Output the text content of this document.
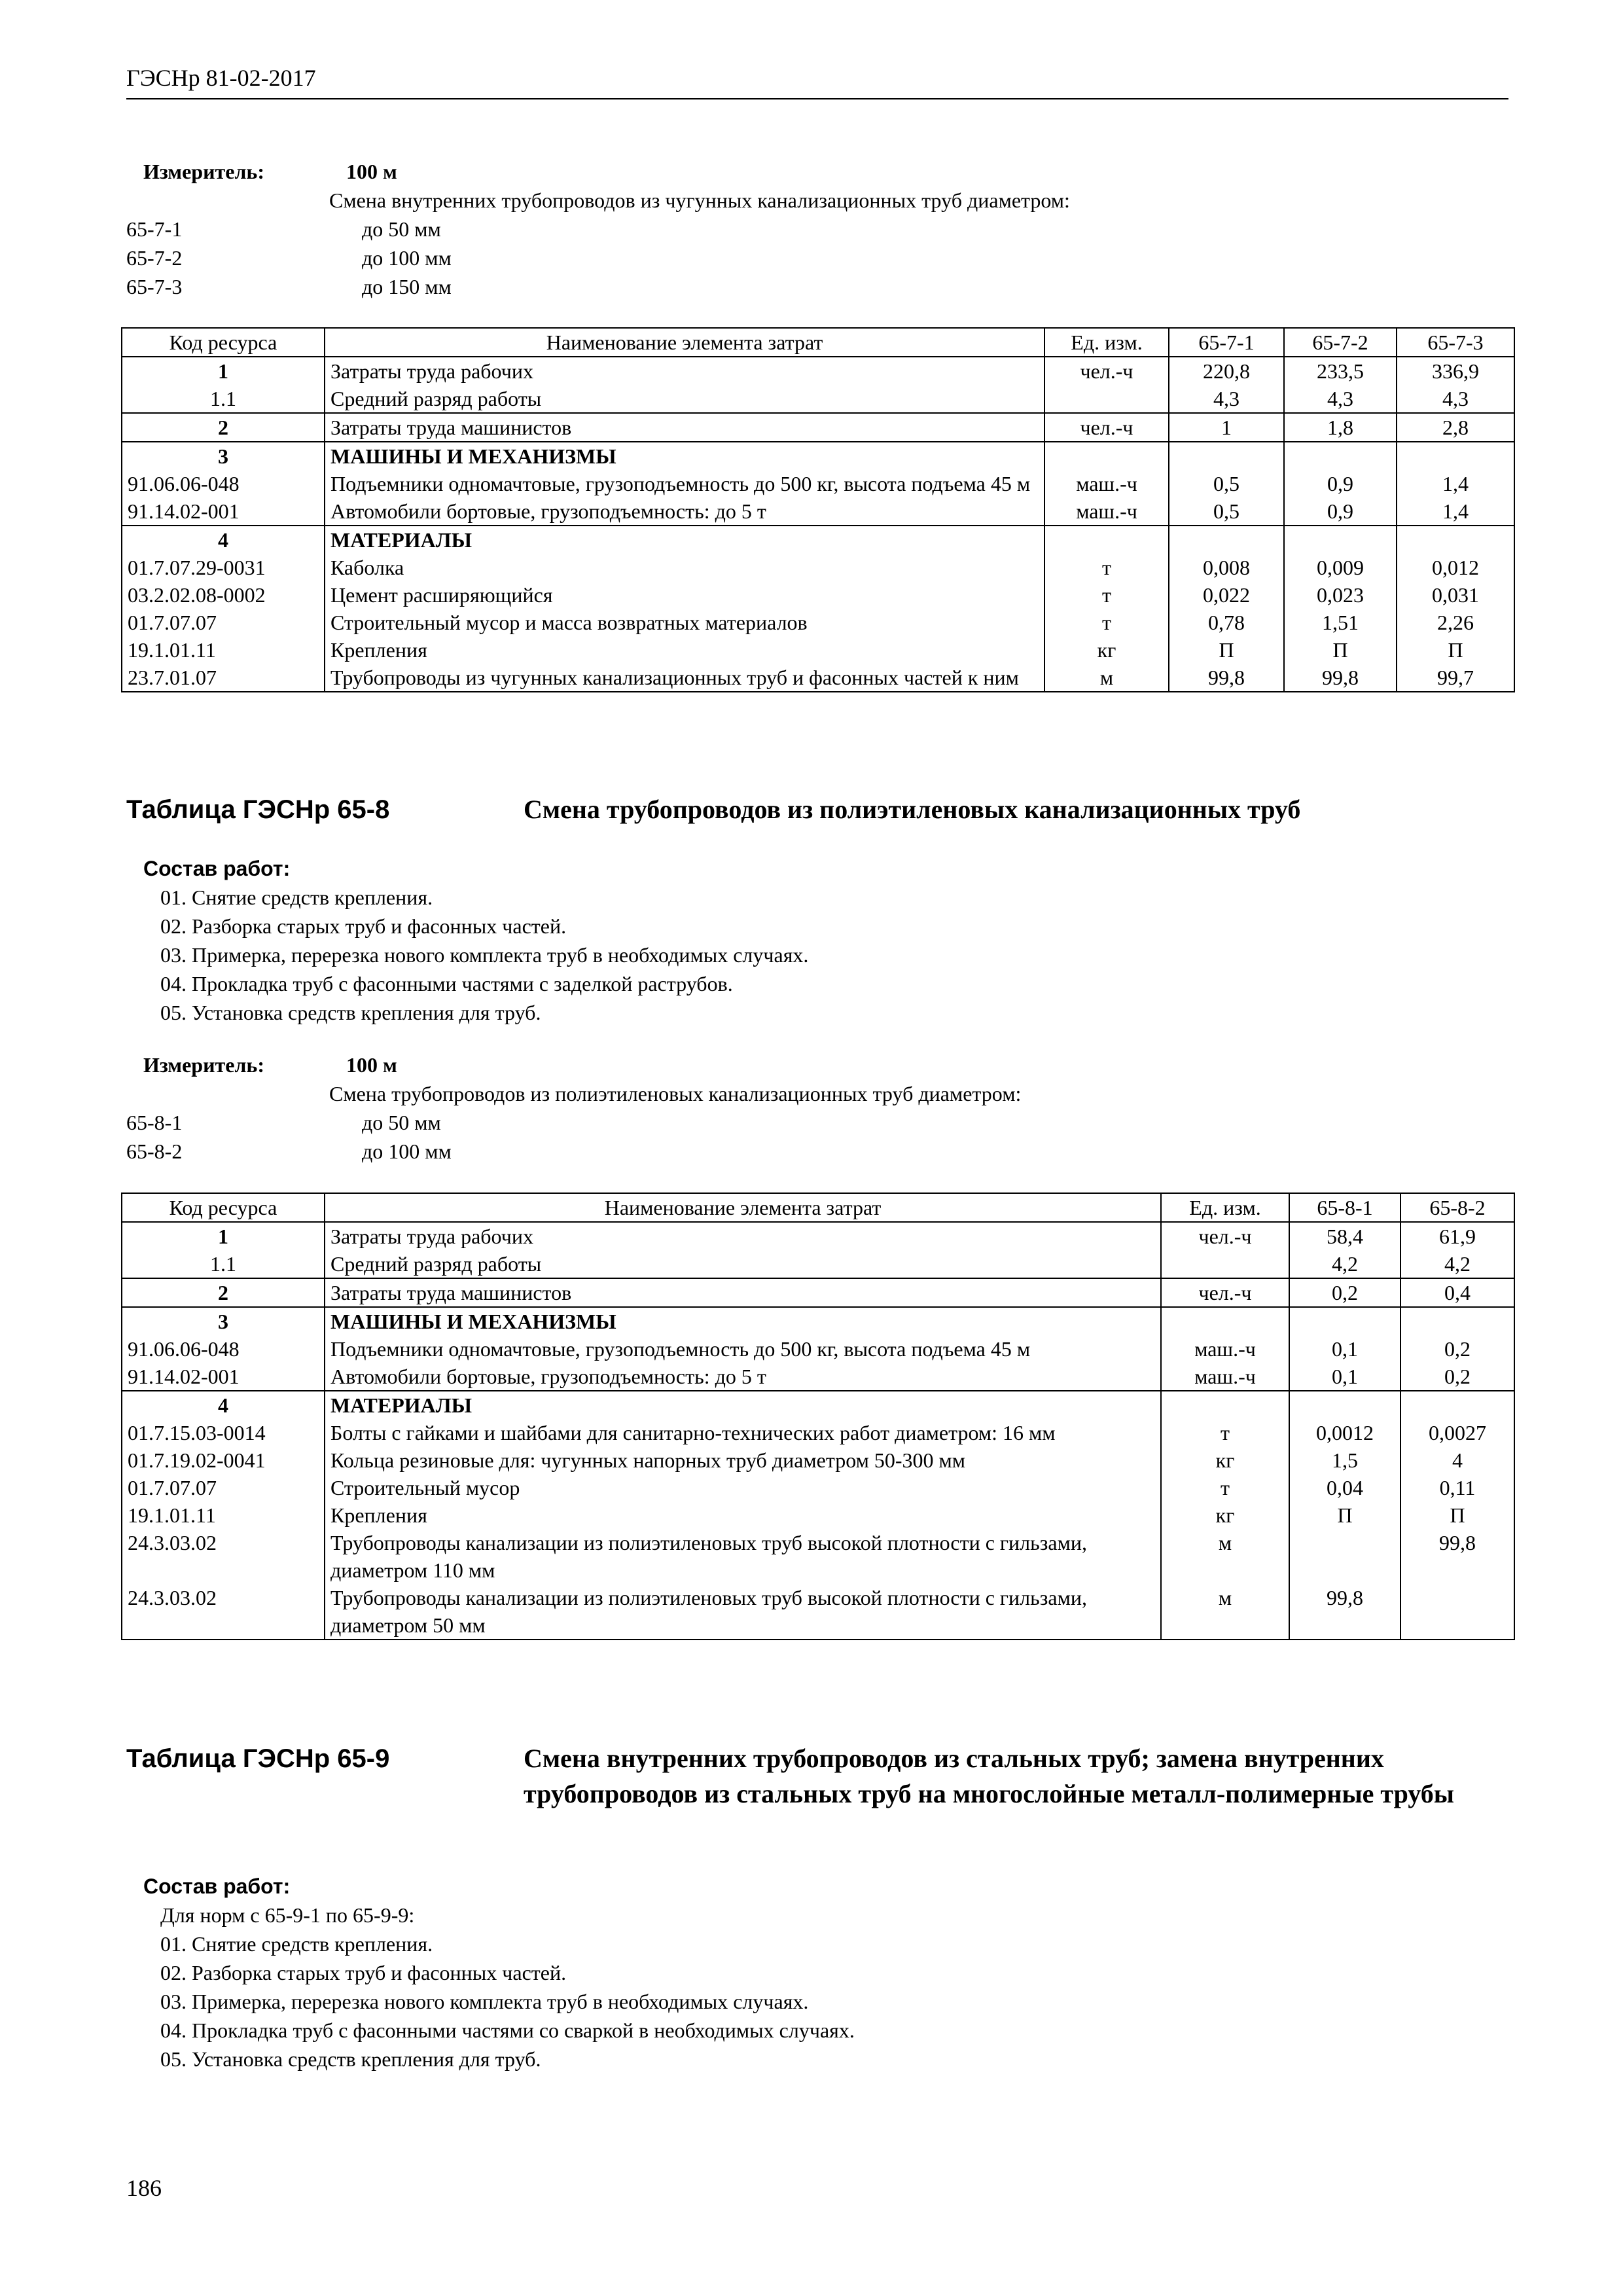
ГЭСНр 81-02-2017
Измеритель:	100 м
Смена внутренних трубопроводов из чугунных канализационных труб диаметром:
65-7-1	до 50 мм
65-7-2	до 100 мм
65-7-3	до 150 мм
Код ресурса	Наименование элемента затрат	Ед. изм.	65-7-1	65-7-2	65-7-3
1	Затраты труда рабочих	чел.-ч	220,8	233,5	336,9
1.1	Средний разряд работы		4,3	4,3	4,3
2	Затраты труда машинистов	чел.-ч	1	1,8	2,8
3	МАШИНЫ И МЕХАНИЗМЫ				
91.06.06-048	Подъемники одномачтовые, грузоподъемность до 500 кг, высота подъема 45 м	маш.-ч	0,5	0,9	1,4
91.14.02-001	Автомобили бортовые, грузоподъемность: до 5 т	маш.-ч	0,5	0,9	1,4
4	МАТЕРИАЛЫ				
01.7.07.29-0031	Каболка	т	0,008	0,009	0,012
03.2.02.08-0002	Цемент расширяющийся	т	0,022	0,023	0,031
01.7.07.07	Строительный мусор и масса возвратных материалов	т	0,78	1,51	2,26
19.1.01.11	Крепления	кг	П	П	П
23.7.01.07	Трубопроводы из чугунных канализационных труб и фасонных частей к ним	м	99,8	99,8	99,7
Таблица ГЭСНр 65-8	Смена трубопроводов из полиэтиленовых канализационных труб
Состав работ:
01. Снятие средств крепления.
02. Разборка старых труб и фасонных частей.
03. Примерка, перерезка нового комплекта труб в необходимых случаях.
04. Прокладка труб с фасонными частями с заделкой раструбов.
05. Установка средств крепления для труб.
Измеритель:	100 м
Смена трубопроводов из полиэтиленовых канализационных труб диаметром:
65-8-1	до 50 мм
65-8-2	до 100 мм
Код ресурса	Наименование элемента затрат	Ед. изм.	65-8-1	65-8-2
1	Затраты труда рабочих	чел.-ч	58,4	61,9
1.1	Средний разряд работы		4,2	4,2
2	Затраты труда машинистов	чел.-ч	0,2	0,4
3	МАШИНЫ И МЕХАНИЗМЫ			
91.06.06-048	Подъемники одномачтовые, грузоподъемность до 500 кг, высота подъема 45 м	маш.-ч	0,1	0,2
91.14.02-001	Автомобили бортовые, грузоподъемность: до 5 т	маш.-ч	0,1	0,2
4	МАТЕРИАЛЫ			
01.7.15.03-0014	Болты с гайками и шайбами для санитарно-технических работ диаметром: 16 мм	т	0,0012	0,0027
01.7.19.02-0041	Кольца резиновые для: чугунных напорных труб диаметром 50-300 мм	кг	1,5	4
01.7.07.07	Строительный мусор	т	0,04	0,11
19.1.01.11	Крепления	кг	П	П
24.3.03.02	Трубопроводы канализации из полиэтиленовых труб высокой плотности с гильзами, диаметром 110 мм	м		99,8
24.3.03.02	Трубопроводы канализации из полиэтиленовых труб высокой плотности с гильзами, диаметром 50 мм	м	99,8	
Таблица ГЭСНр 65-9	Смена внутренних трубопроводов из стальных труб; замена внутренних трубопроводов из стальных труб на многослойные металл-полимерные трубы
Состав работ:
Для норм с 65-9-1 по 65-9-9:
01. Снятие средств крепления.
02. Разборка старых труб и фасонных частей.
03. Примерка, перерезка нового комплекта труб в необходимых случаях.
04. Прокладка труб с фасонными частями со сваркой в необходимых случаях.
05. Установка средств крепления для труб.
186
